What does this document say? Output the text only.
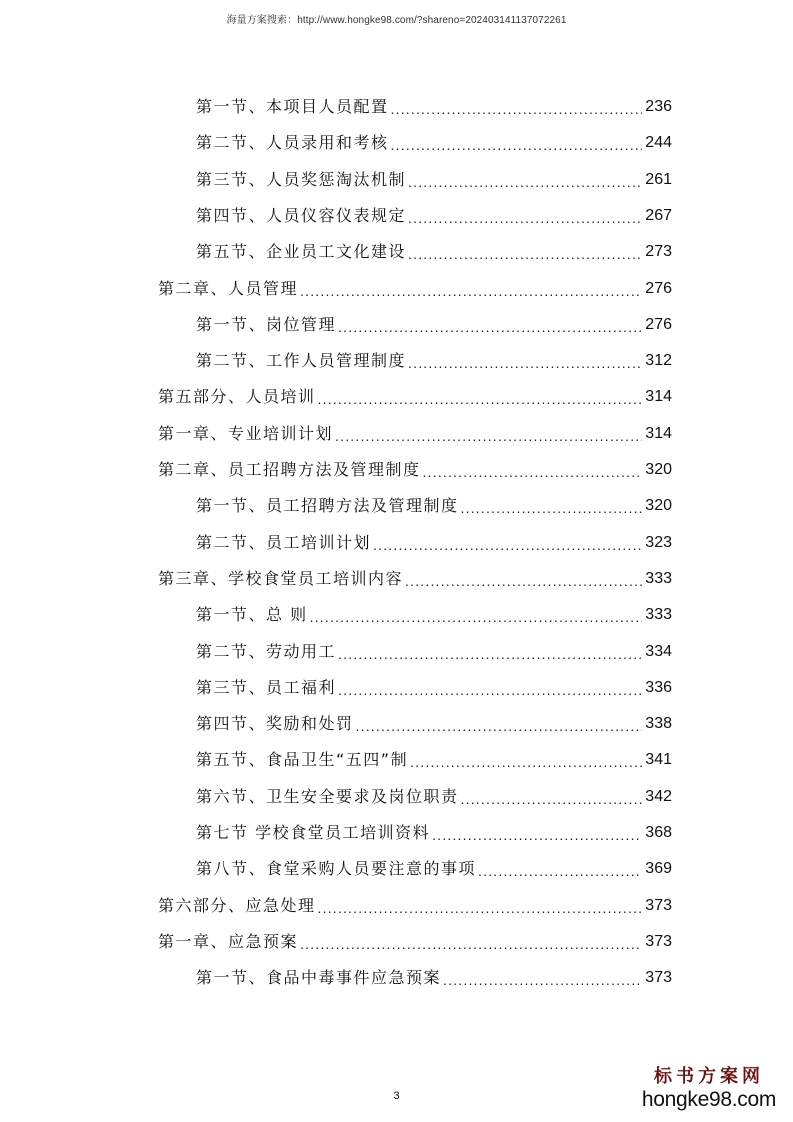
海量方案搜索：http://www.hongke98.com/?shareno=20240314113707226​1
第一节、本项目人员配置 .....	236
第二节、人员录用和考核 .....	244
第三节、人员奖惩淘汰机制 .....	261
第四节、人员仪容仪表规定 .....	267
第五节、企业员工文化建设 .....	273
第二章、人员管理 .....	276
第一节、岗位管理 .....	276
第二节、工作人员管理制度 .....	312
第五部分、人员培训 .....	314
第一章、专业培训计划 .....	314
第二章、员工招聘方法及管理制度 .....	320
第一节、员工招聘方法及管理制度 .....	320
第二节、员工培训计划 .....	323
第三章、学校食堂员工培训内容 .....	333
第一节、总 则 .....	333
第二节、劳动用工 .....	334
第三节、员工福利 .....	336
第四节、奖励和处罚 .....	338
第五节、食品卫生“五四”制 .....	341
第六节、卫生安全要求及岗位职责 .....	342
第七节 学校食堂员工培训资料 .....	368
第八节、食堂采购人员要注意的事项 .....	369
第六部分、应急处理 .....	373
第一章、应急预案 .....	373
第一节、食品中毒事件应急预案 .....	373
3
标书方案网
hongke98.com
